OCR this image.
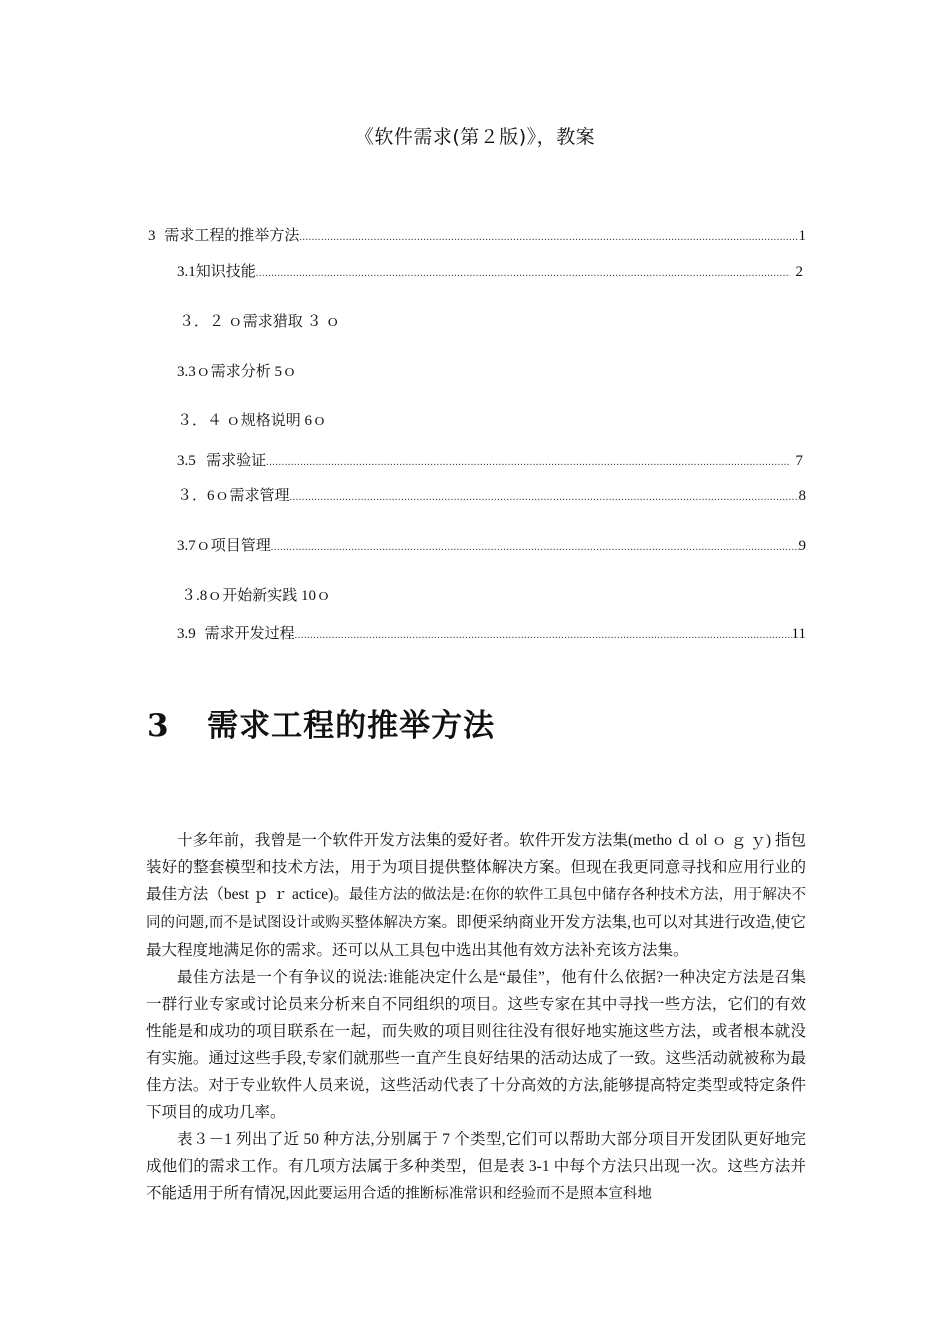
《软件需求(第２版)》，教案
3 需求工程的推举方法 .....	1
3.1 知识技能 .....	2
３．２ ｏ需求猎取 ３ ｏ
3.3ｏ需求分析 5ｏ
３．４ ｏ规格说明 6ｏ
3.5 需求验证 .....	7
３．6ｏ 需求管理 .....	8
3.7ｏ 项目管理 .....	9
３.8ｏ开始新实践 10ｏ
3.9 需求开发过程 .....	11
3 需求工程的推举方法

十多年前，我曾是一个软件开发方法集的爱好者。软件开发方法集(metho ｄ ol ｏ ｇ ｙ) 指包装好的整套模型和技术方法，用于为项目提供整体解决方案。但现在我更同意寻找和应用行业的最佳方法（best ｐ ｒ actice)。最佳方法的做法是:在你的软件工具包中储存各种技术方法，用于解决不同的问题,而不是试图设计或购买整体解决方案。即便采纳商业开发方法集,也可以对其进行改造,使它最大程度地满足你的需求。还可以从工具包中选出其他有效方法补充该方法集。

最佳方法是一个有争议的说法:谁能决定什么是“最佳”，他有什么依据?一种决定方法是召集一群行业专家或讨论员来分析来自不同组织的项目。这些专家在其中寻找一些方法，它们的有效性能是和成功的项目联系在一起，而失败的项目则往往没有很好地实施这些方法，或者根本就没有实施。通过这些手段,专家们就那些一直产生良好结果的活动达成了一致。这些活动就被称为最佳方法。对于专业软件人员来说，这些活动代表了十分高效的方法,能够提高特定类型或特定条件下项目的成功几率。

表３－1 列出了近 50 种方法,分别属于 7 个类型,它们可以帮助大部分项目开发团队更好地完成他们的需求工作。有几项方法属于多种类型，但是表 3-1 中每个方法只出现一次。这些方法并不能适用于所有情况,因此要运用合适的推断标准常识和经验而不是照本宣科地
